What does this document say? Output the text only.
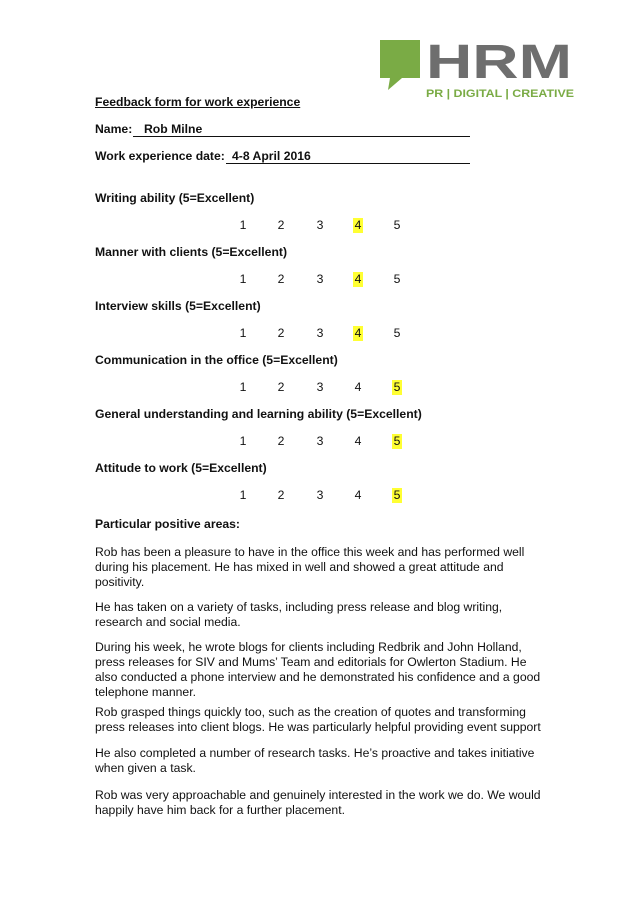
HRM
PR | DIGITAL | CREATIVE
Feedback form for work experience
Name: Rob Milne
Work experience date: 4-8 April 2016
Writing ability (5=Excellent)
1	2	3	4	5
Manner with clients (5=Excellent)
1	2	3	4	5
Interview skills (5=Excellent)
1	2	3	4	5
Communication in the office (5=Excellent)
1	2	3	4	5
General understanding and learning ability (5=Excellent)
1	2	3	4	5
Attitude to work (5=Excellent)
1	2	3	4	5
Particular positive areas:
Rob has been a pleasure to have in the office this week and has performed well during his placement. He has mixed in well and showed a great attitude and positivity.
He has taken on a variety of tasks, including press release and blog writing, research and social media.
During his week, he wrote blogs for clients including Redbrik and John Holland, press releases for SIV and Mums’ Team and editorials for Owlerton Stadium. He also conducted a phone interview and he demonstrated his confidence and a good telephone manner.
Rob grasped things quickly too, such as the creation of quotes and transforming press releases into client blogs. He was particularly helpful providing event support
He also completed a number of research tasks. He’s proactive and takes initiative when given a task.
Rob was very approachable and genuinely interested in the work we do. We would happily have him back for a further placement.
